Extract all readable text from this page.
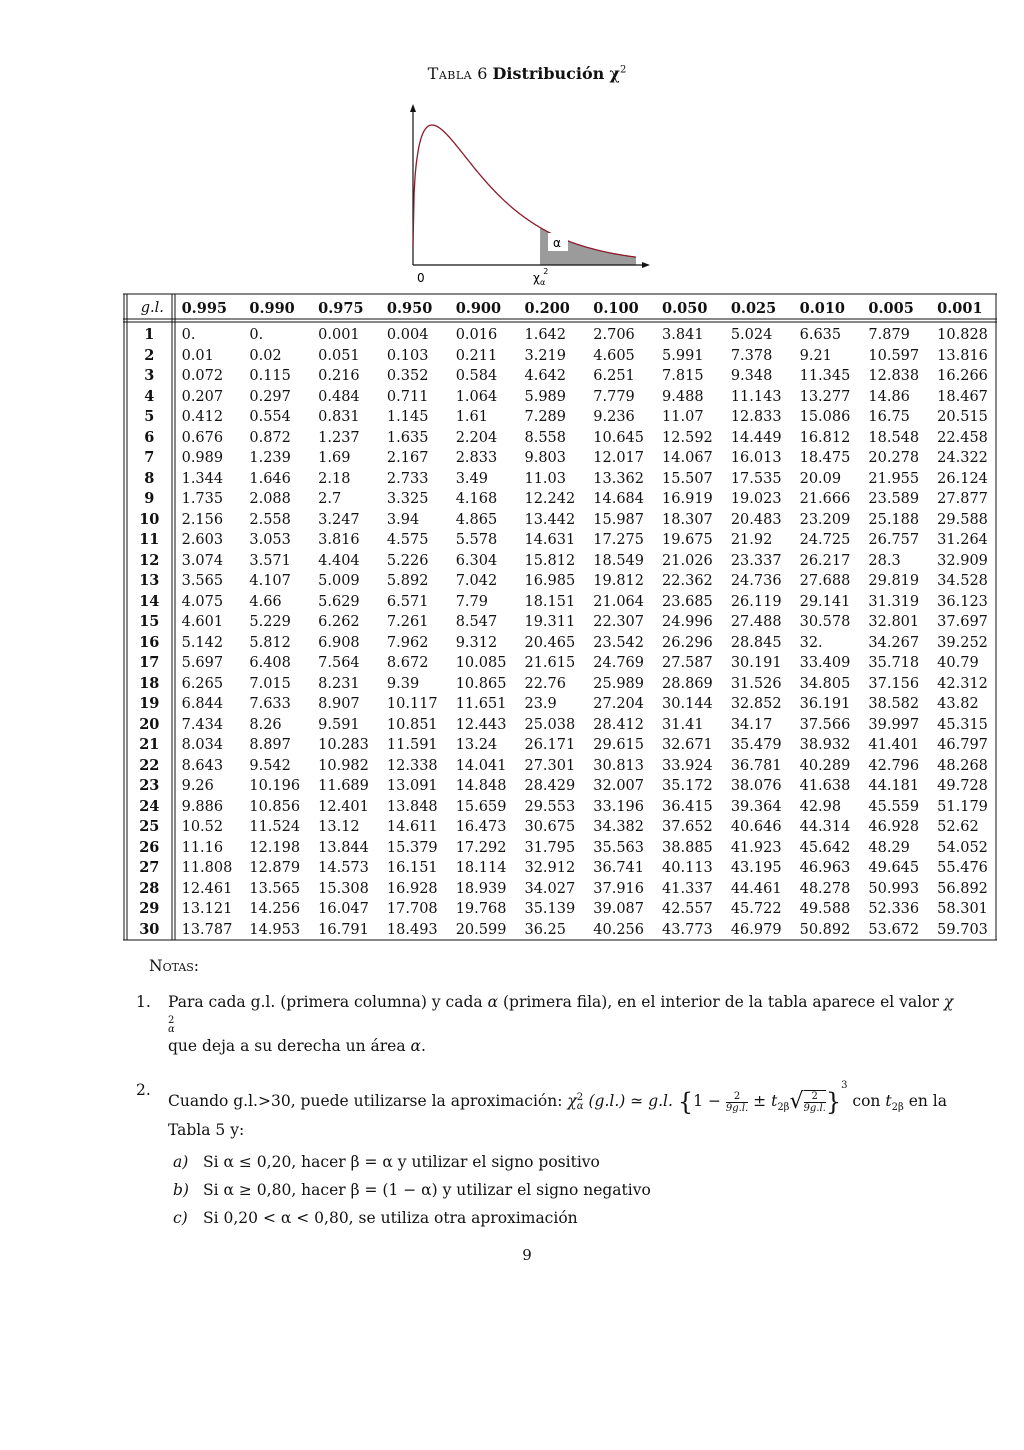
Tabla 6 Distribución $\chi^2$
α
0	$\chi_\alpha 2$
g.l.	0.995	0.990	0.975	0.950	0.900	0.200	0.100	0.050	0.025	0.010	0.005	0.001
1	0.	0.	0.001	0.004	0.016	1.642	2.706	3.841	5.024	6.635	7.879	10.828
2	0.01	0.02	0.051	0.103	0.211	3.219	4.605	5.991	7.378	9.21	10.597	13.816
3	0.072	0.115	0.216	0.352	0.584	4.642	6.251	7.815	9.348	11.345	12.838	16.266
4	0.207	0.297	0.484	0.711	1.064	5.989	7.779	9.488	11.143	13.277	14.86	18.467
5	0.412	0.554	0.831	1.145	1.61	7.289	9.236	11.07	12.833	15.086	16.75	20.515
6	0.676	0.872	1.237	1.635	2.204	8.558	10.645	12.592	14.449	16.812	18.548	22.458
7	0.989	1.239	1.69	2.167	2.833	9.803	12.017	14.067	16.013	18.475	20.278	24.322
8	1.344	1.646	2.18	2.733	3.49	11.03	13.362	15.507	17.535	20.09	21.955	26.124
9	1.735	2.088	2.7	3.325	4.168	12.242	14.684	16.919	19.023	21.666	23.589	27.877
10	2.156	2.558	3.247	3.94	4.865	13.442	15.987	18.307	20.483	23.209	25.188	29.588
11	2.603	3.053	3.816	4.575	5.578	14.631	17.275	19.675	21.92	24.725	26.757	31.264
12	3.074	3.571	4.404	5.226	6.304	15.812	18.549	21.026	23.337	26.217	28.3	32.909
13	3.565	4.107	5.009	5.892	7.042	16.985	19.812	22.362	24.736	27.688	29.819	34.528
14	4.075	4.66	5.629	6.571	7.79	18.151	21.064	23.685	26.119	29.141	31.319	36.123
15	4.601	5.229	6.262	7.261	8.547	19.311	22.307	24.996	27.488	30.578	32.801	37.697
16	5.142	5.812	6.908	7.962	9.312	20.465	23.542	26.296	28.845	32.	34.267	39.252
17	5.697	6.408	7.564	8.672	10.085	21.615	24.769	27.587	30.191	33.409	35.718	40.79
18	6.265	7.015	8.231	9.39	10.865	22.76	25.989	28.869	31.526	34.805	37.156	42.312
19	6.844	7.633	8.907	10.117	11.651	23.9	27.204	30.144	32.852	36.191	38.582	43.82
20	7.434	8.26	9.591	10.851	12.443	25.038	28.412	31.41	34.17	37.566	39.997	45.315
21	8.034	8.897	10.283	11.591	13.24	26.171	29.615	32.671	35.479	38.932	41.401	46.797
22	8.643	9.542	10.982	12.338	14.041	27.301	30.813	33.924	36.781	40.289	42.796	48.268
23	9.26	10.196	11.689	13.091	14.848	28.429	32.007	35.172	38.076	41.638	44.181	49.728
24	9.886	10.856	12.401	13.848	15.659	29.553	33.196	36.415	39.364	42.98	45.559	51.179
25	10.52	11.524	13.12	14.611	16.473	30.675	34.382	37.652	40.646	44.314	46.928	52.62
26	11.16	12.198	13.844	15.379	17.292	31.795	35.563	38.885	41.923	45.642	48.29	54.052
27	11.808	12.879	14.573	16.151	18.114	32.912	36.741	40.113	43.195	46.963	49.645	55.476
28	12.461	13.565	15.308	16.928	18.939	34.027	37.916	41.337	44.461	48.278	50.993	56.892
29	13.121	14.256	16.047	17.708	19.768	35.139	39.087	42.557	45.722	49.588	52.336	58.301
30	13.787	14.953	16.791	18.493	20.599	36.25	40.256	43.773	46.979	50.892	53.672	59.703
Notas:
1. Para cada g.l. (primera columna) y cada α (primera fila), en el interior de la tabla aparece el valor χ
2
α

que deja a su derecha un área α.
2.
Cuando g.l.>30, puede utilizarse la aproximación: χ 2
α (g.l.) ≃ g.l. $\{1 - \frac{2}{9g.l.} \pm t_{2\beta}√ \frac{2}{9g.l.} \}^3$ con $t_{2\beta}$ en la Tabla 5 y:
a) Si α ≤ 0,20, hacer β = α y utilizar el signo positivo
b) Si α ≥ 0,80, hacer β = (1 − α) y utilizar el signo negativo
c) Si 0,20 < α < 0,80, se utiliza otra aproximación
9
